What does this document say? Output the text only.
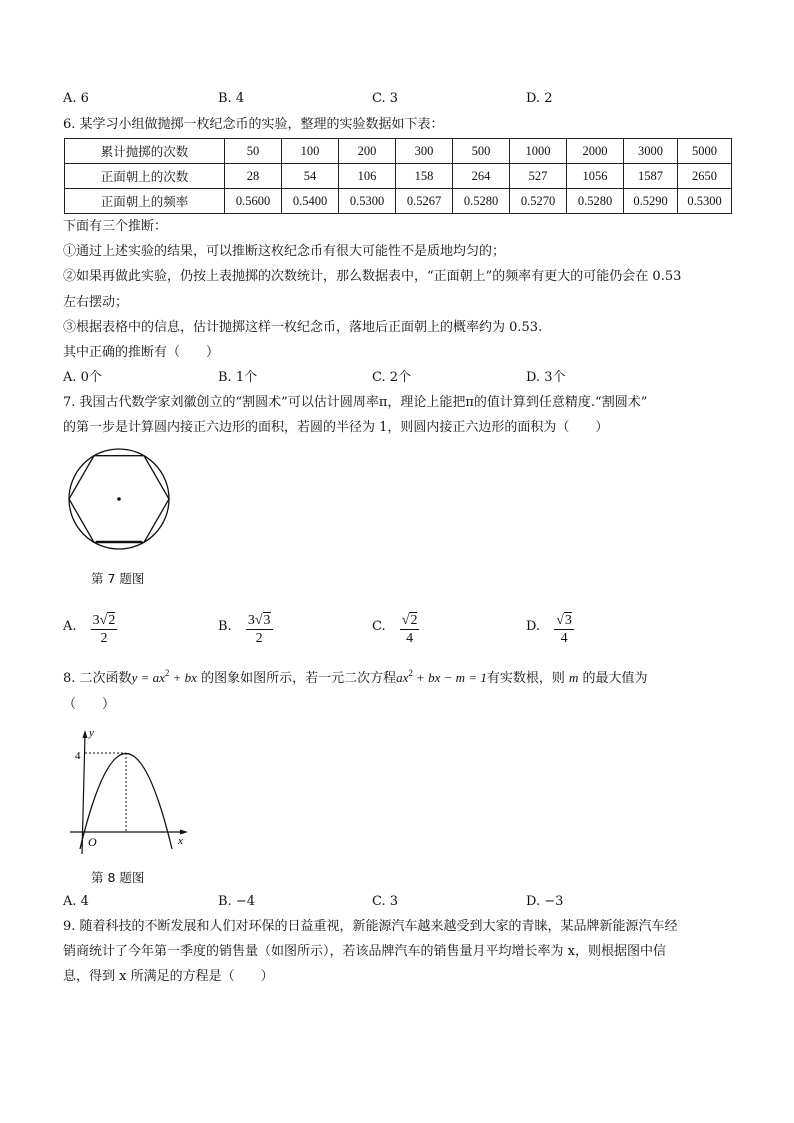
A. 6	B. 4	C. 3	D. 2
6. 某学习小组做抛掷一枚纪念币的实验，整理的实验数据如下表：
累计抛掷的次数	50	100	200	300	500	1000	2000	3000	5000
正面朝上的次数	28	54	106	158	264	527	1056	1587	2650
正面朝上的频率	0.5600	0.5400	0.5300	0.5267	0.5280	0.5270	0.5280	0.5290	0.5300
下面有三个推断：
①通过上述实验的结果，可以推断这枚纪念币有很大可能性不是质地均匀的；
②如果再做此实验，仍按上表抛掷的次数统计，那么数据表中，“正面朝上”的频率有更大的可能仍会在 0.53
左右摆动；
③根据表格中的信息，估计抛掷这样一枚纪念币，落地后正面朝上的概率约为 0.53.
其中正确的推断有（　　）
A. 0个	B. 1个	C. 2个	D. 3个
7. 我国古代数学家刘徽创立的“割圆术”可以估计圆周率π，理论上能把π的值计算到任意精度.“割圆术”
的第一步是计算圆内接正六边形的面积，若圆的半径为 1，则圆内接正六边形的面积为（　　）
第 7 题图
A. $\frac{3√2}{2}$	B. $\frac{3√3}{2}$	C. $\frac{√2}{4}$	D. $\frac{√3}{4}$
8. 二次函数$y = ax^2$ + bx 的图象如图所示，若一元二次方程$ax^2$ + bx − m = 1有实数根，则 m 的最大值为
（　　）
y
x
O
4
第 8 题图
A. 4	B. −4	C. 3	D. −3
9. 随着科技的不断发展和人们对环保的日益重视，新能源汽车越来越受到大家的青睐，某品牌新能源汽车经
销商统计了今年第一季度的销售量（如图所示），若该品牌汽车的销售量月平均增长率为 x，则根据图中信
息，得到 x 所满足的方程是（　　）
